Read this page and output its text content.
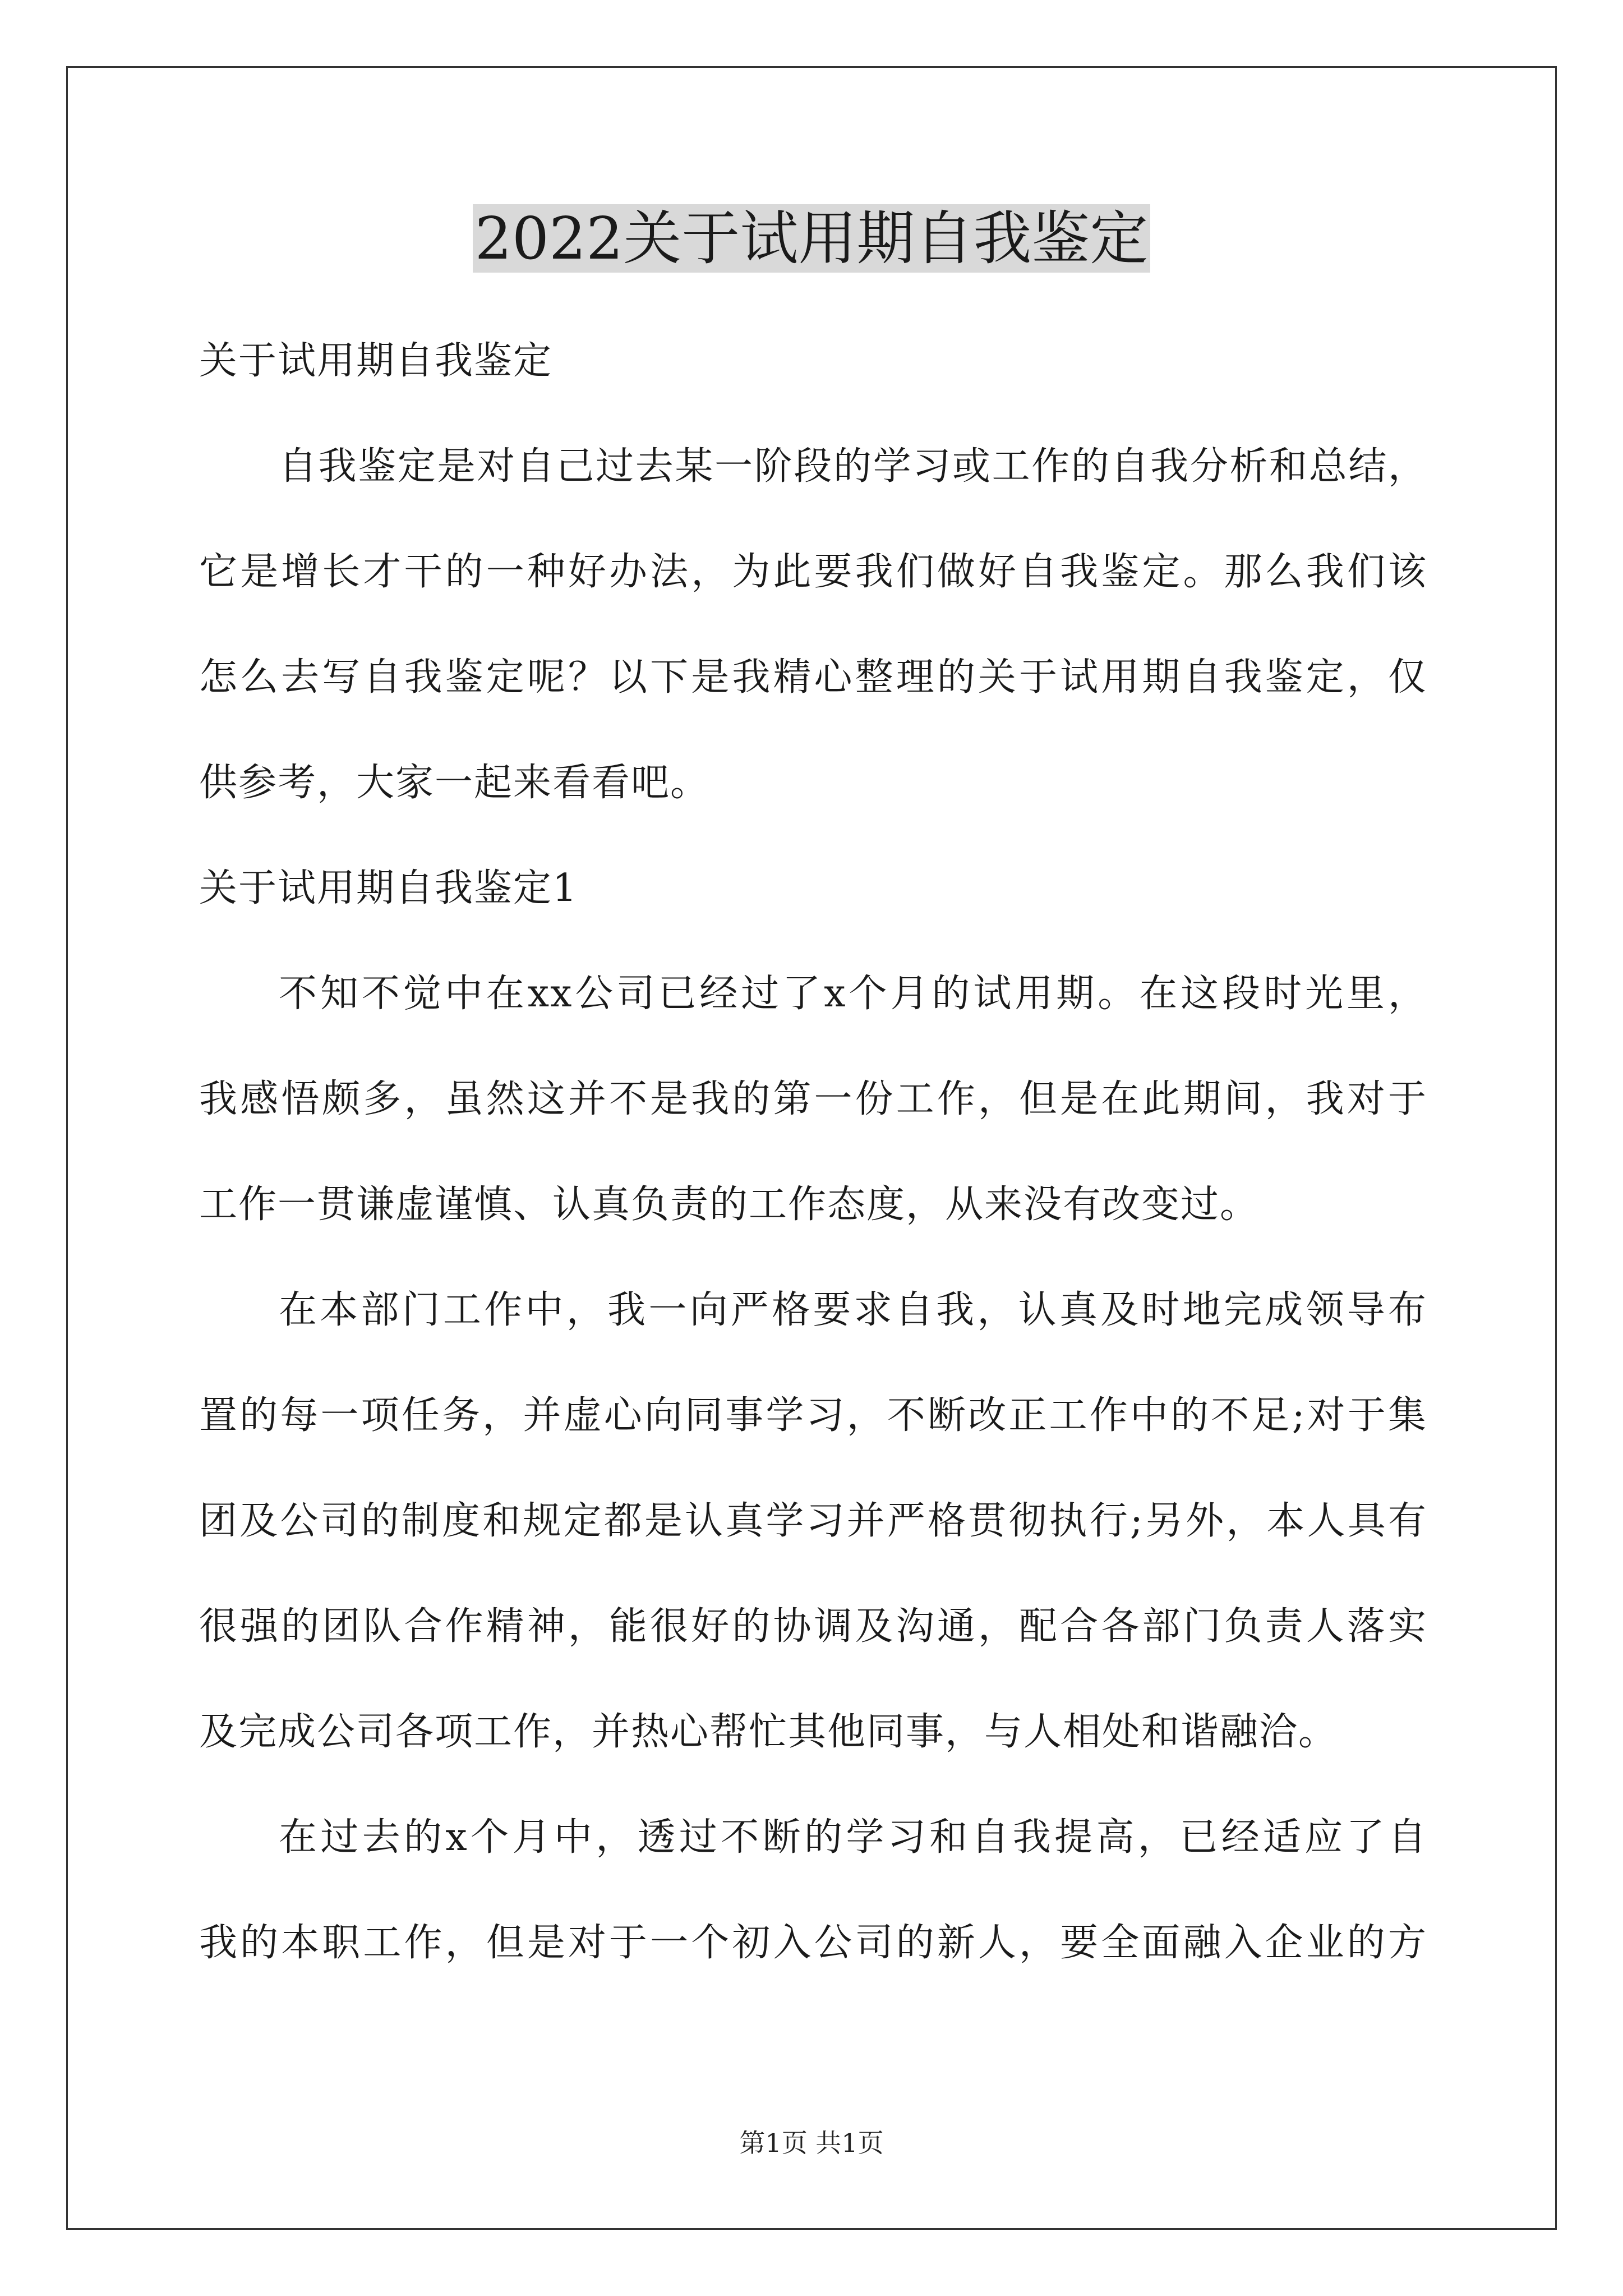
2022关于试用期自我鉴定
关于试用期自我鉴定
自我鉴定是对自己过去某一阶段的学习或工作的自我分析和总结，
它是增长才干的一种好办法，为此要我们做好自我鉴定。那么我们该
怎么去写自我鉴定呢？以下是我精心整理的关于试用期自我鉴定，仅
供参考，大家一起来看看吧。
关于试用期自我鉴定1
不知不觉中在xx公司已经过了x个月的试用期。在这段时光里，
我感悟颇多，虽然这并不是我的第一份工作，但是在此期间，我对于
工作一贯谦虚谨慎、认真负责的工作态度，从来没有改变过。
在本部门工作中，我一向严格要求自我，认真及时地完成领导布
置的每一项任务，并虚心向同事学习，不断改正工作中的不足;对于集
团及公司的制度和规定都是认真学习并严格贯彻执行;另外，本人具有
很强的团队合作精神，能很好的协调及沟通，配合各部门负责人落实
及完成公司各项工作，并热心帮忙其他同事，与人相处和谐融洽。
在过去的x个月中，透过不断的学习和自我提高，已经适应了自
我的本职工作，但是对于一个初入公司的新人，要全面融入企业的方
第1页 共1页
